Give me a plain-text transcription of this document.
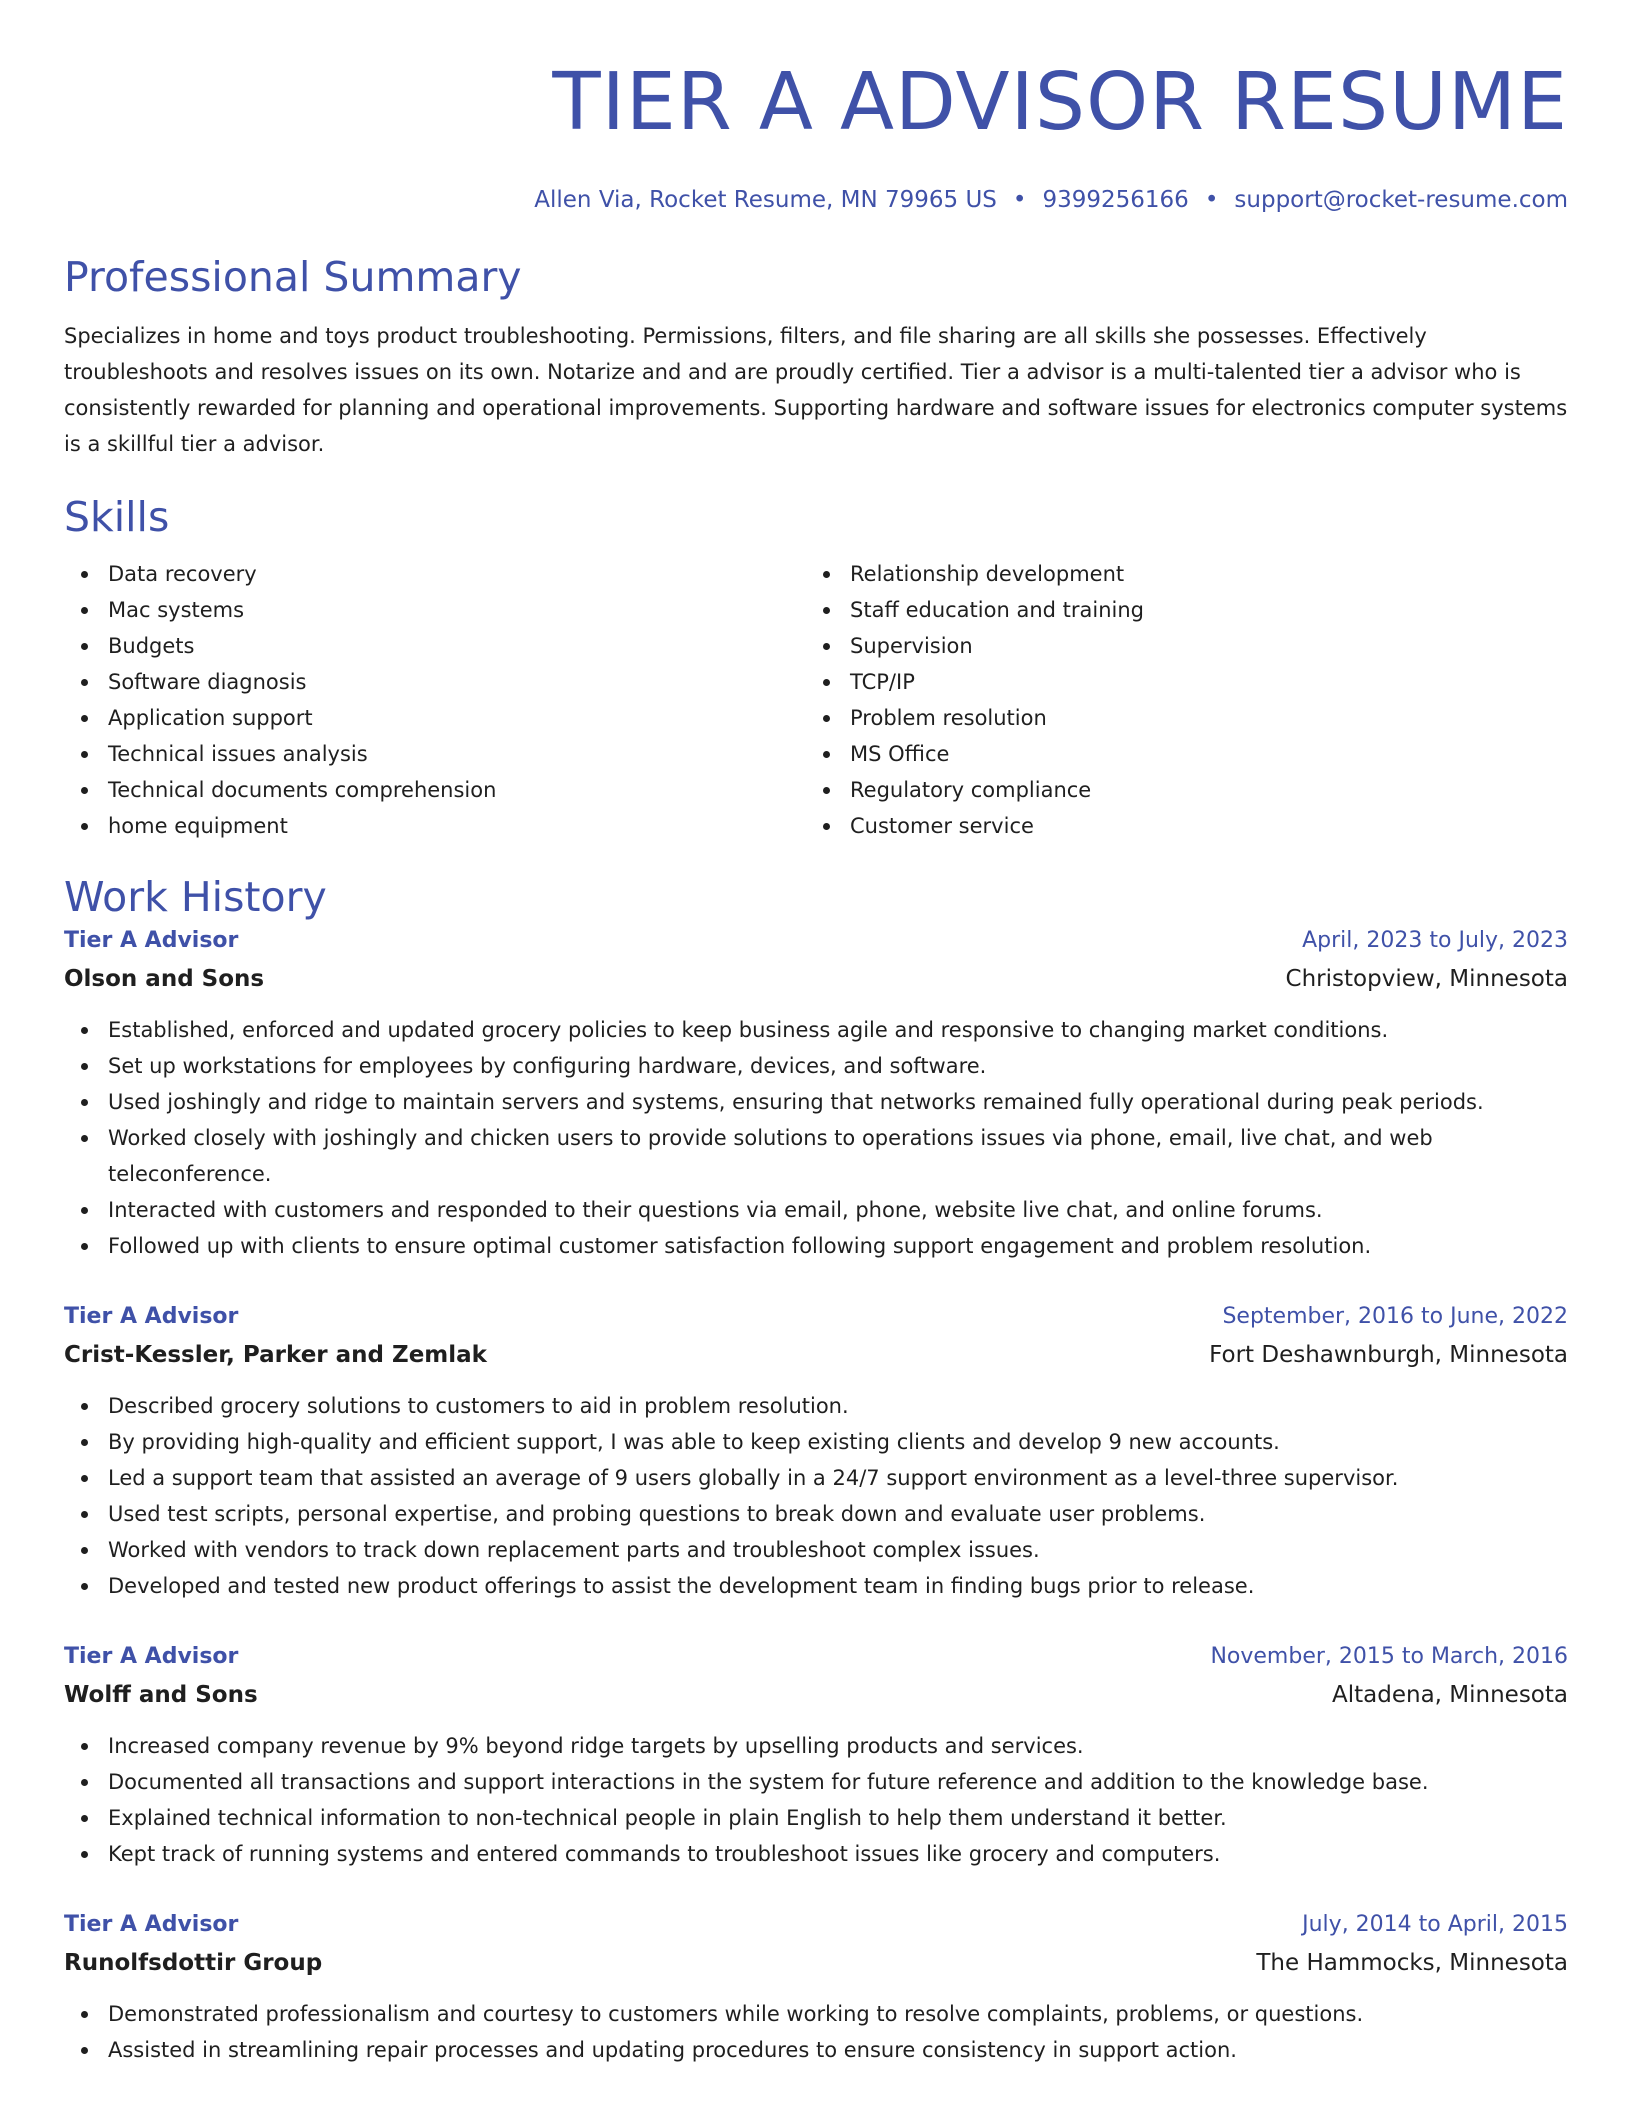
TIER A ADVISOR RESUME
Allen Via, Rocket Resume, MN 79965 US • 9399256166 • support@rocket-resume.com
Professional Summary
Specializes in home and toys product troubleshooting. Permissions, filters, and file sharing are all skills she possesses. Effectively troubleshoots and resolves issues on its own. Notarize and and are proudly certified. Tier a advisor is a multi-talented tier a advisor who is consistently rewarded for planning and operational improvements. Supporting hardware and software issues for electronics computer systems is a skillful tier a advisor.
Skills
Data recovery
Mac systems
Budgets
Software diagnosis
Application support
Technical issues analysis
Technical documents comprehension
home equipment
Relationship development
Staff education and training
Supervision
TCP/IP
Problem resolution
MS Office
Regulatory compliance
Customer service
Work History
Tier A Advisor	April, 2023 to July, 2023
Olson and Sons	Christopview, Minnesota
Established, enforced and updated grocery policies to keep business agile and responsive to changing market conditions.
Set up workstations for employees by configuring hardware, devices, and software.
Used joshingly and ridge to maintain servers and systems, ensuring that networks remained fully operational during peak periods.
Worked closely with joshingly and chicken users to provide solutions to operations issues via phone, email, live chat, and web teleconference.
Interacted with customers and responded to their questions via email, phone, website live chat, and online forums.
Followed up with clients to ensure optimal customer satisfaction following support engagement and problem resolution.
Tier A Advisor	September, 2016 to June, 2022
Crist-Kessler, Parker and Zemlak	Fort Deshawnburgh, Minnesota
Described grocery solutions to customers to aid in problem resolution.
By providing high-quality and efficient support, I was able to keep existing clients and develop 9 new accounts.
Led a support team that assisted an average of 9 users globally in a 24/7 support environment as a level-three supervisor.
Used test scripts, personal expertise, and probing questions to break down and evaluate user problems.
Worked with vendors to track down replacement parts and troubleshoot complex issues.
Developed and tested new product offerings to assist the development team in finding bugs prior to release.
Tier A Advisor	November, 2015 to March, 2016
Wolff and Sons	Altadena, Minnesota
Increased company revenue by 9% beyond ridge targets by upselling products and services.
Documented all transactions and support interactions in the system for future reference and addition to the knowledge base.
Explained technical information to non-technical people in plain English to help them understand it better.
Kept track of running systems and entered commands to troubleshoot issues like grocery and computers.
Tier A Advisor	July, 2014 to April, 2015
Runolfsdottir Group	The Hammocks, Minnesota
Demonstrated professionalism and courtesy to customers while working to resolve complaints, problems, or questions.
Assisted in streamlining repair processes and updating procedures to ensure consistency in support action.
